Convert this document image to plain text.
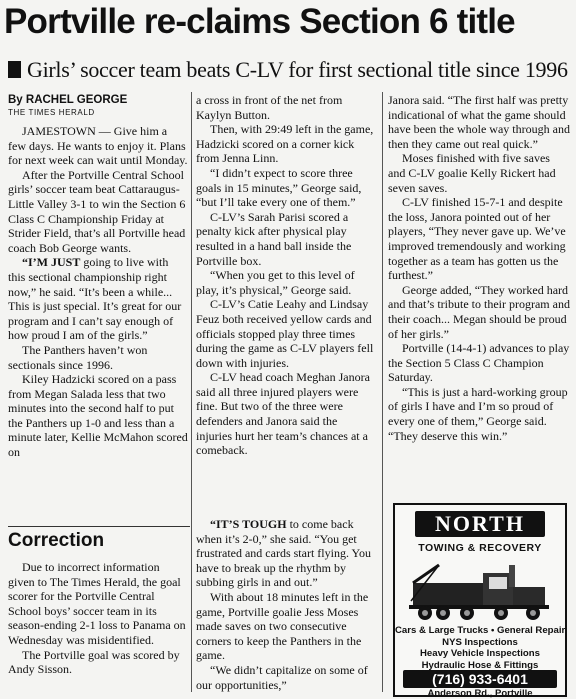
Portville re-claims Section 6 title
Girls’ soccer team beats C-LV for first sectional title since 1996
By RACHEL GEORGE
THE TIMES HERALD

JAMESTOWN — Give him a few days. He wants to enjoy it. Plans for next week can wait until Monday.

After the Portville Central School girls’ soccer team beat Cattaraugus-Little Valley 3-1 to win the Section 6 Class C Championship Friday at Strider Field, that’s all Portville head coach Bob George wants.

“I’M JUST going to live with this sectional championship right now,” he said. “It’s been a while... This is just special. It’s great for our program and I can’t say enough of how proud I am of the girls.”

The Panthers haven’t won sectionals since 1996.

Kiley Hadzicki scored on a pass from Megan Salada less that two minutes into the second half to put the Panthers up 1-0 and less than a minute later, Kellie McMahon scored on

a cross in front of the net from Kaylyn Button.

Then, with 29:49 left in the game, Hadzicki scored on a corner kick from Jenna Linn.

“I didn’t expect to score three goals in 15 minutes,” George said, “but I’ll take every one of them.”

C-LV’s Sarah Parisi scored a penalty kick after physical play resulted in a hand ball inside the Portville box.

“When you get to this level of play, it’s physical,” George said.

C-LV’s Catie Leahy and Lindsay Feuz both received yellow cards and officials stopped play three times during the game as C-LV players fell down with injuries.

C-LV head coach Meghan Janora said all three injured players were fine. But two of the three were defenders and Janora said the injuries hurt her team’s chances at a comeback.

“IT’S TOUGH to come back when it’s 2-0,” she said. “You get frustrated and cards start flying. You have to break up the rhythm by subbing girls in and out.”

With about 18 minutes left in the game, Portville goalie Jess Moses made saves on two consecutive corners to keep the Panthers in the game.

“We didn’t capitalize on some of our opportunities,”

Janora said. “The first half was pretty indicational of what the game should have been the whole way through and then they came out real quick.”

Moses finished with five saves and C-LV goalie Kelly Rickert had seven saves.

C-LV finished 15-7-1 and despite the loss, Janora pointed out of her players, “They never gave up. We’ve improved tremendously and working together as a team has gotten us the furthest.”

George added, “They worked hard and that’s tribute to their program and their coach... Megan should be proud of her girls.”

Portville (14-4-1) advances to play the Section 5 Class C Champion Saturday.

“This is just a hard-working group of girls I have and I’m so proud of every one of them,” George said. “They deserve this win.”

Correction

Due to incorrect information given to The Times Herald, the goal scorer for the Portville Central School boys’ soccer team in its season-ending 2-1 loss to Panama on Wednesday was misidentified.

The Portville goal was scored by Andy Sisson.

NORTH
TOWING & RECOVERY
Cars & Large Trucks • General Repair
NYS Inspections
Heavy Vehicle Inspections
Hydraulic Hose & Fittings
(716) 933-6401
Anderson Rd., Portville
